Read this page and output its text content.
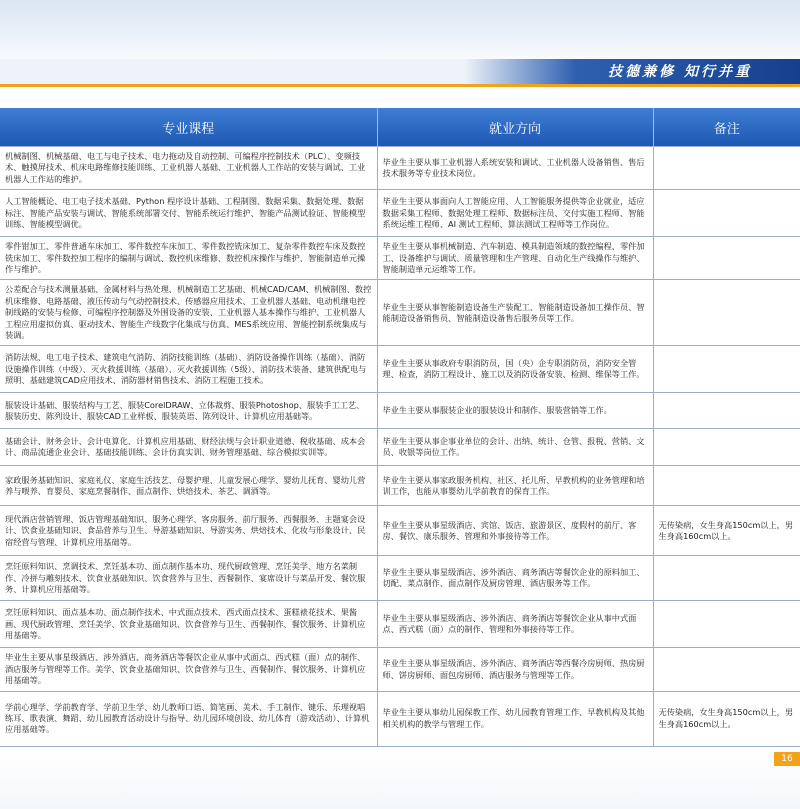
技德兼修 知行并重
专业课程	就业方向	备注
机械制图、机械基础、电工与电子技术、电力拖动及自动控制、可编程序控制技术（PLC）、变频技术、触摸屏技术、机床电路维修技能训练、工业机器人基础、工业机器人工作站的安装与调试、工业机器人工作站的维护。	毕业生主要从事工业机器人系统安装和调试、工业机器人设备销售、售后技术服务等专业技术岗位。	
人工智能概论、电工电子技术基础、Python 程序设计基础、工程制图、数据采集、数据处理、数据标注、智能产品安装与调试、智能系统部署交付、智能系统运行维护、智能产品测试验证、智能模型训练、智能模型调优。	毕业生主要从事面向人工智能应用、人工智能服务提供等企业就业，适应数据采集工程师、数据处理工程师、数据标注员、交付实施工程师、智能系统运维工程师、AI 测试工程师、算法测试工程师等工作岗位。	
零件钳加工、零件普通车床加工、零件数控车床加工、零件数控铣床加工、复杂零件数控车床及数控铣床加工、零件数控加工程序的编制与调试、数控机床维修、数控机床操作与维护、智能制造单元操作与维护。	毕业生主要从事机械制造、汽车制造、模具制造领域的数控编程、零件加工、设备维护与调试、质量管理和生产管理、自动化生产线操作与维护、智能制造单元运维等工作。	
公差配合与技术测量基础、金属材料与热处理、机械制造工艺基础、机械CAD/CAM、机械制图、数控机床维修、电路基础、液压传动与气动控制技术、传感器应用技术、工业机器人基础、电动机继电控制线路的安装与检修、可编程序控制器及外围设备的安装、工业机器人基本操作与维护、工业机器人工程应用虚拟仿真、驱动技术、智能生产线数字化集成与仿真、MES系统应用、智能控制系统集成与装调。	毕业生主要从事智能制造设备生产装配工、智能制造设备加工操作员、智能制造设备销售员、智能制造设备售后服务员等工作。	
消防法规、电工电子技术、建筑电气消防、消防技能训练（基础）、消防设备操作训练（基础）、消防设施操作训练（中级）、灭火救援训练（基础）、灭火救援训练（5级）、消防技术装备、建筑供配电与照明、基础建筑CAD应用技术、消防器材销售技术、消防工程施工技术。	毕业生主要从事政府专职消防员，国（央）企专职消防员，消防安全管理、检查，消防工程设计、施工以及消防设备安装、检测、维保等工作。	
服装设计基础、服装结构与工艺、服装CorelDRAW、立体裁剪、服装Photoshop、服装手工工艺、服装历史、陈列设计、服装CAD工业样板、服装英语、陈列设计、计算机应用基础等。	毕业生主要从事服装企业的服装设计和制作、服装营销等工作。	
基础会计、财务会计、会计电算化、计算机应用基础、财经法规与会计职业道德、税收基础、成本会计、商品流通企业会计、基础技能训练、会计仿真实训、财务管理基础、综合模拟实训等。	毕业生主要从事企事业单位的会计、出纳、统计、仓管、报税、营销、文员、收银等岗位工作。	
家政服务基础知识、家庭礼仪、家庭生活技艺、母婴护理、儿童发展心理学、婴幼儿抚育、婴幼儿营养与喂养、育婴员、家庭烹餐制作、面点制作、烘焙技术、茶艺、调酒等。	毕业生主要从事家政服务机构、社区、托儿所、早教机构的业务管理和培训工作，也能从事婴幼儿学前教育的保育工作。	
现代酒店营销管理、饭店管理基础知识、服务心理学、客房服务、前厅服务、西餐服务、主题宴会设计、饮食业基础知识、食品营养与卫生、导游基础知识、导游实务、烘焙技术、化妆与形象设计、民宿经营与管理、计算机应用基础等。	毕业生主要从事星级酒店、宾馆、饭店、旅游景区、度假村的前厅、客房、餐饮、康乐服务、管理和外事接待等工作。	无传染病，女生身高150cm以上，男生身高160cm以上。
烹饪原料知识、烹调技术、烹饪基本功、面点制作基本功、现代厨政管理、烹饪美学、地方名菜制作、冷拼与雕刻技术、饮食业基础知识、饮食营养与卫生、西餐制作、宴席设计与菜品开发、餐饮服务、计算机应用基础等。	毕业生主要从事星级酒店、涉外酒店、商务酒店等餐饮企业的原料加工、切配、菜点制作、面点制作及厨房管理、酒店服务等工作。	
烹饪原料知识、面点基本功、面点制作技术、中式面点技术、西式面点技术、蛋糕裱花技术、果酱画、现代厨政管理、烹饪美学、饮食业基础知识、饮食营养与卫生、西餐制作、餐饮服务、计算机应用基础等。	毕业生主要从事星级酒店、涉外酒店、商务酒店等餐饮企业从事中式面点、西式糕（面）点的制作、管理和外事接待等工作。	
毕业生主要从事星级酒店、涉外酒店、商务酒店等餐饮企业从事中式面点、西式糕（面）点的制作、酒店服务与管理等工作。美学、饮食业基础知识、饮食营养与卫生、西餐制作、餐饮服务、计算机应用基础等。	毕业生主要从事星级酒店、涉外酒店、商务酒店等西餐冷房厨师、热房厨师、饼房厨师、面包房厨师、酒店服务与管理等工作。	
学前心理学、学前教育学、学前卫生学、幼儿教师口语、简笔画、美术、手工制作、键乐、乐理视唱练耳、歌表演、舞蹈、幼儿园教育活动设计与指导、幼儿园环境创设、幼儿体育（游戏活动）、计算机应用基础等。	毕业生主要从事幼儿园保教工作、幼儿园教育管理工作、早教机构及其他相关机构的教学与管理工作。	无传染病，女生身高150cm以上，男生身高160cm以上。
16
